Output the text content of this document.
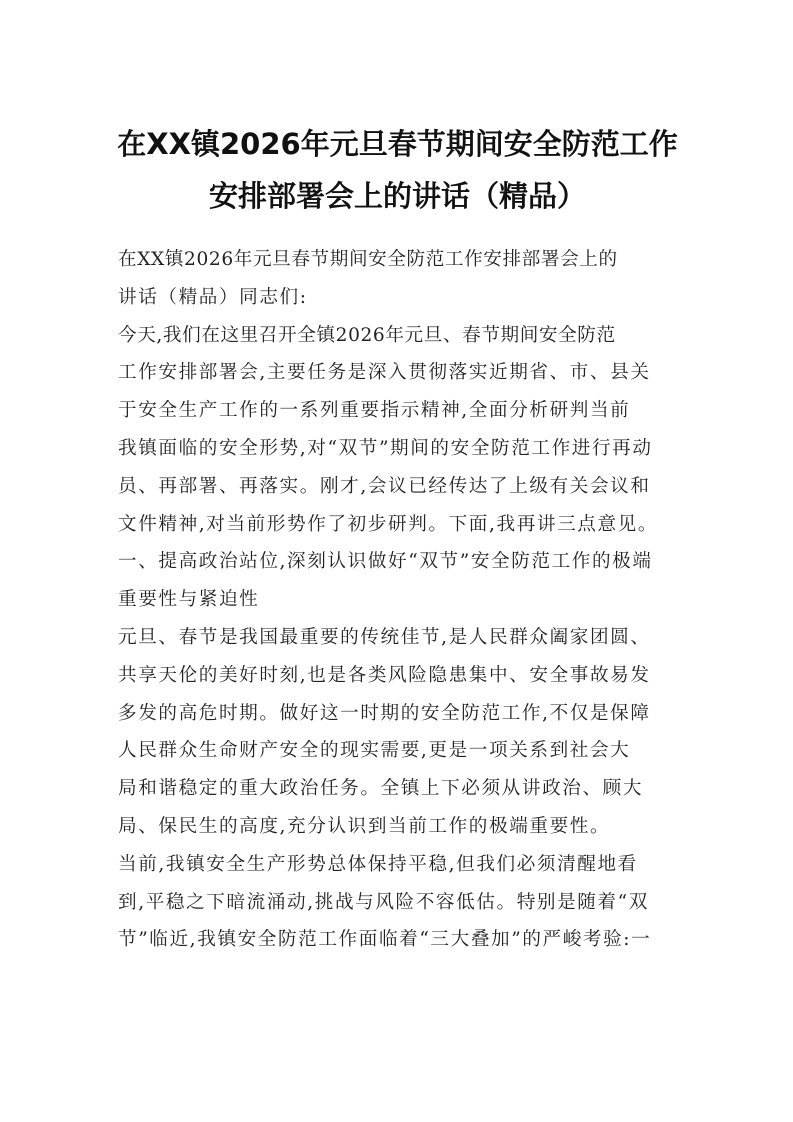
在XX镇2026年元旦春节期间安全防范工作
安排部署会上的讲话（精品）

在XX镇2026年元旦春节期间安全防范工作安排部署会上的
讲话（精品）同志们:

今天,我们在这里召开全镇2026年元旦、春节期间安全防范
工作安排部署会,主要任务是深入贯彻落实近期省、市、县关
于安全生产工作的一系列重要指示精神,全面分析研判当前
我镇面临的安全形势,对“双节”期间的安全防范工作进行再动
员、再部署、再落实。刚才,会议已经传达了上级有关会议和
文件精神,对当前形势作了初步研判。下面,我再讲三点意见。

一、提高政治站位,深刻认识做好“双节”安全防范工作的极端
重要性与紧迫性

元旦、春节是我国最重要的传统佳节,是人民群众阖家团圆、
共享天伦的美好时刻,也是各类风险隐患集中、安全事故易发
多发的高危时期。做好这一时期的安全防范工作,不仅是保障
人民群众生命财产安全的现实需要,更是一项关系到社会大
局和谐稳定的重大政治任务。全镇上下必须从讲政治、顾大
局、保民生的高度,充分认识到当前工作的极端重要性。

当前,我镇安全生产形势总体保持平稳,但我们必须清醒地看
到,平稳之下暗流涌动,挑战与风险不容低估。特别是随着“双
节”临近,我镇安全防范工作面临着“三大叠加”的严峻考验:一
